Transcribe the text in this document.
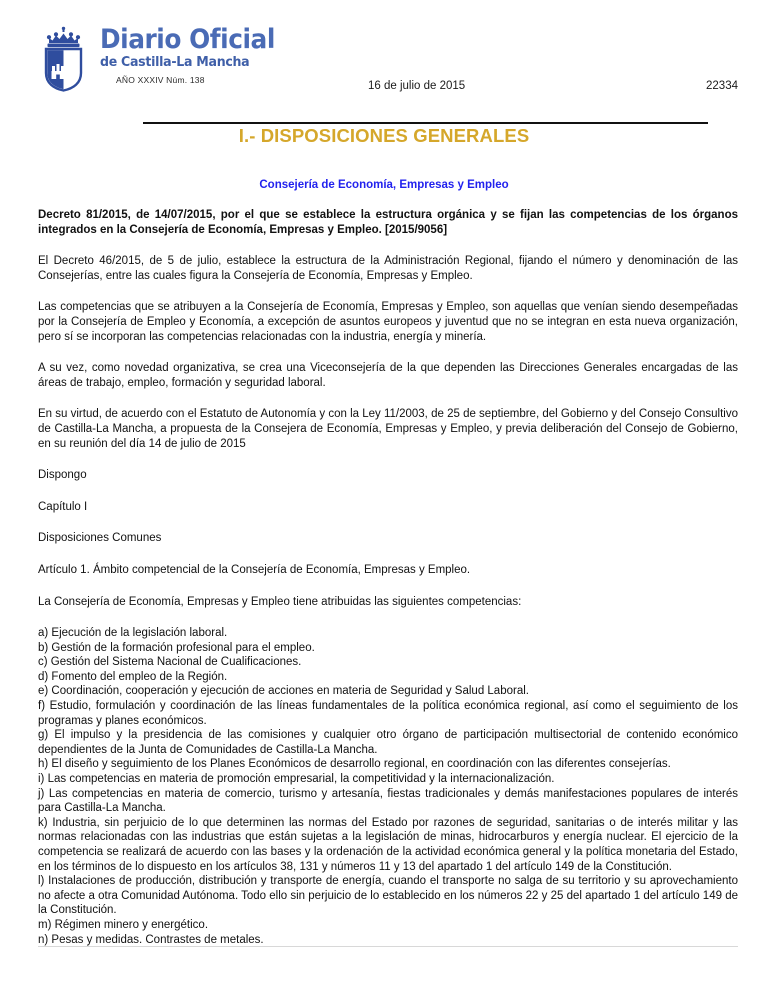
Diario Oficial
de Castilla-La Mancha
AÑO XXXIV Núm. 138	16 de julio de 2015	22334
I.- DISPOSICIONES GENERALES
Consejería de Economía, Empresas y Empleo

Decreto 81/2015, de 14/07/2015, por el que se establece la estructura orgánica y se fijan las competencias de los órganos integrados en la Consejería de Economía, Empresas y Empleo. [2015/9056]

El Decreto 46/2015, de 5 de julio, establece la estructura de la Administración Regional, fijando el número y denominación de las Consejerías, entre las cuales figura la Consejería de Economía, Empresas y Empleo.

Las competencias que se atribuyen a la Consejería de Economía, Empresas y Empleo, son aquellas que venían siendo desempeñadas por la Consejería de Empleo y Economía, a excepción de asuntos europeos y juventud que no se integran en esta nueva organización, pero sí se incorporan las competencias relacionadas con la industria, energía y minería.

A su vez, como novedad organizativa, se crea una Viceconsejería de la que dependen las Direcciones Generales encargadas de las áreas de trabajo, empleo, formación y seguridad laboral.

En su virtud, de acuerdo con el Estatuto de Autonomía y con la Ley 11/2003, de 25 de septiembre, del Gobierno y del Consejo Consultivo de Castilla-La Mancha, a propuesta de la Consejera de Economía, Empresas y Empleo, y previa deliberación del Consejo de Gobierno, en su reunión del día 14 de julio de 2015

Dispongo

Capítulo I

Disposiciones Comunes

Artículo 1. Ámbito competencial de la Consejería de Economía, Empresas y Empleo.

La Consejería de Economía, Empresas y Empleo tiene atribuidas las siguientes competencias:

a) Ejecución de la legislación laboral.
b) Gestión de la formación profesional para el empleo.
c) Gestión del Sistema Nacional de Cualificaciones.
d) Fomento del empleo de la Región.
e) Coordinación, cooperación y ejecución de acciones en materia de Seguridad y Salud Laboral.
f) Estudio, formulación y coordinación de las líneas fundamentales de la política económica regional, así como el seguimiento de los programas y planes económicos.
g) El impulso y la presidencia de las comisiones y cualquier otro órgano de participación multisectorial de contenido económico dependientes de la Junta de Comunidades de Castilla-La Mancha.
h) El diseño y seguimiento de los Planes Económicos de desarrollo regional, en coordinación con las diferentes consejerías.
i) Las competencias en materia de promoción empresarial, la competitividad y la internacionalización.
j) Las competencias en materia de comercio, turismo y artesanía, fiestas tradicionales y demás manifestaciones populares de interés para Castilla-La Mancha.
k) Industria, sin perjuicio de lo que determinen las normas del Estado por razones de seguridad, sanitarias o de interés militar y las normas relacionadas con las industrias que están sujetas a la legislación de minas, hidrocarburos y energía nuclear. El ejercicio de la competencia se realizará de acuerdo con las bases y la ordenación de la actividad económica general y la política monetaria del Estado, en los términos de lo dispuesto en los artículos 38, 131 y números 11 y 13 del apartado 1 del artículo 149 de la Constitución.
l) Instalaciones de producción, distribución y transporte de energía, cuando el transporte no salga de su territorio y su aprovechamiento no afecte a otra Comunidad Autónoma. Todo ello sin perjuicio de lo establecido en los números 22 y 25 del apartado 1 del artículo 149 de la Constitución.
m) Régimen minero y energético.
n) Pesas y medidas. Contrastes de metales.
